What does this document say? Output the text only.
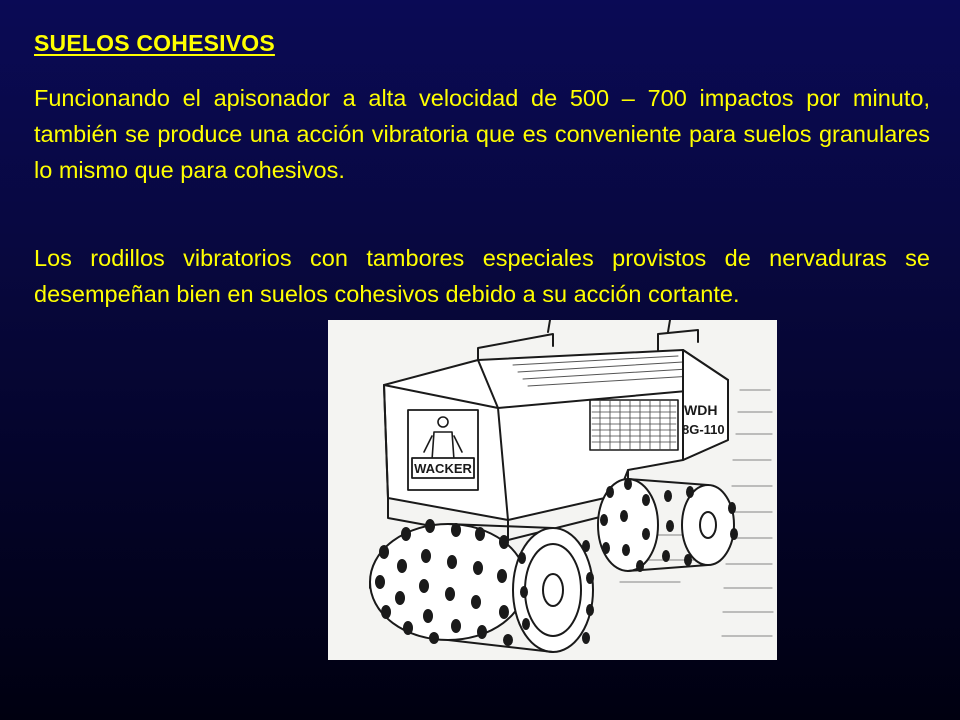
SUELOS COHESIVOS

Funcionando el apisonador a alta velocidad de 500 – 700 impactos por minuto, también se produce una acción vibratoria que es conveniente para suelos granulares lo mismo que para cohesivos.

Los rodillos vibratorios con tambores especiales provistos de nervaduras se desempeñan bien en suelos cohesivos debido a su acción cortante.

WACKER
WDH
8G-110
